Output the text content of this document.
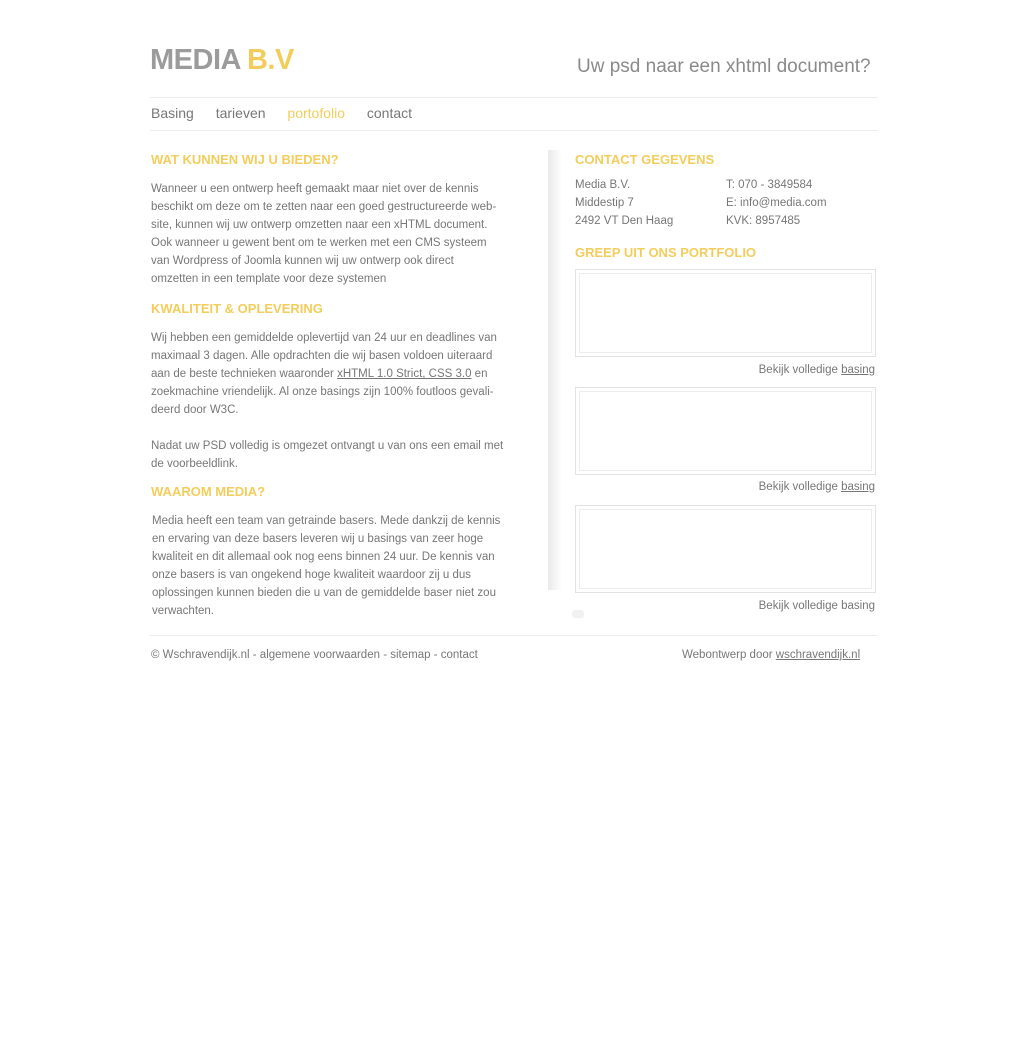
MEDIA B.V	Uw psd naar een xhtml document?
Basing tarieven portofolio contact
WAT KUNNEN WIJ U BIEDEN?
Wanneer u een ontwerp heeft gemaakt maar niet over de kennis
beschikt om deze om te zetten naar een goed gestructureerde web-
site, kunnen wij uw ontwerp omzetten naar een xHTML document.
Ook wanneer u gewent bent om te werken met een CMS systeem
van Wordpress of Joomla kunnen wij uw ontwerp ook direct
omzetten in een template voor deze systemen
KWALITEIT & OPLEVERING
Wij hebben een gemiddelde oplevertijd van 24 uur en deadlines van
maximaal 3 dagen. Alle opdrachten die wij basen voldoen uiteraard
aan de beste technieken waaronder xHTML 1.0 Strict, CSS 3.0 en
zoekmachine vriendelijk. Al onze basings zijn 100% foutloos gevali-
deerd door W3C.
Nadat uw PSD volledig is omgezet ontvangt u van ons een email met
de voorbeeldlink.
WAAROM MEDIA?
Media heeft een team van getrainde basers. Mede dankzij de kennis
en ervaring van deze basers leveren wij u basings van zeer hoge
kwaliteit en dit allemaal ook nog eens binnen 24 uur. De kennis van
onze basers is van ongekend hoge kwaliteit waardoor zij u dus
oplossingen kunnen bieden die u van de gemiddelde baser niet zou
verwachten.
CONTACT GEGEVENS
Media B.V.	T: 070 - 3849584
Middestip 7	E: info@media.com
2492 VT Den Haag	KVK: 8957485
GREEP UIT ONS PORTFOLIO
Bekijk volledige basing
Bekijk volledige basing
Bekijk volledige basing
© Wschravendijk.nl - algemene voorwaarden - sitemap - contact	Webontwerp door wschravendijk.nl
